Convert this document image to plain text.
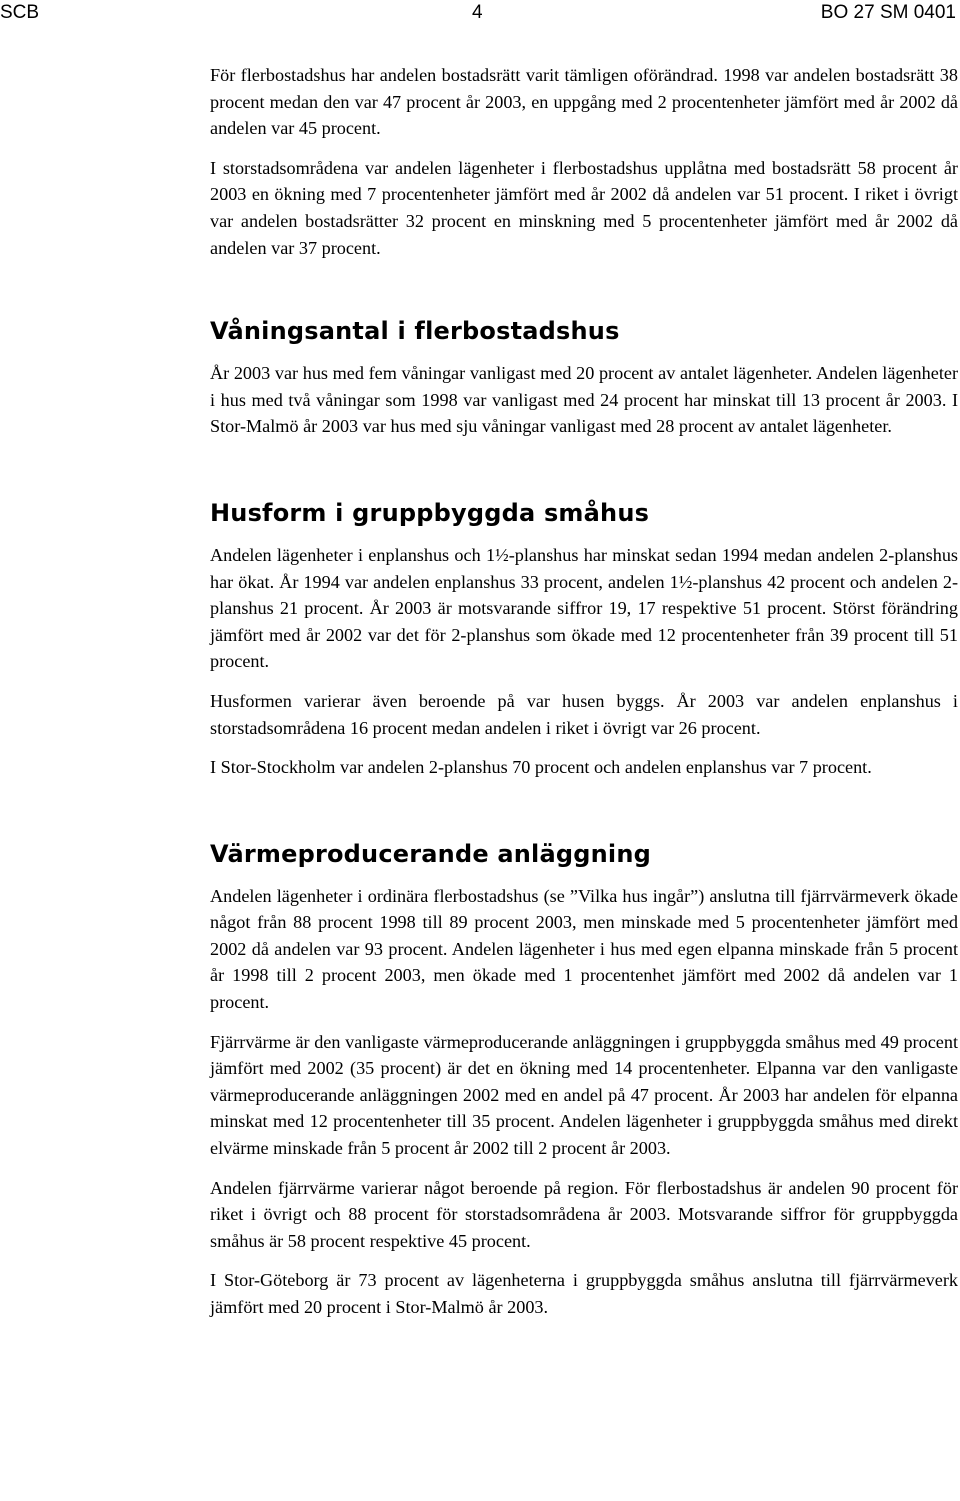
SCB	4	BO 27 SM 0401

För flerbostadshus har andelen bostadsrätt varit tämligen oförändrad. 1998 var andelen bostadsrätt 38 procent medan den var 47 procent år 2003, en uppgång med 2 procentenheter jämfört med år 2002 då andelen var 45 procent.

I storstadsområdena var andelen lägenheter i flerbostadshus upplåtna med bostadsrätt 58 procent år 2003 en ökning med 7 procentenheter jämfört med år 2002 då andelen var 51 procent. I riket i övrigt var andelen bostadsrätter 32 procent en minskning med 5 procentenheter jämfört med år 2002 då andelen var 37 procent.

Våningsantal i flerbostadshus

År 2003 var hus med fem våningar vanligast med 20 procent av antalet lägenheter. Andelen lägenheter i hus med två våningar som 1998 var vanligast med 24 procent har minskat till 13 procent år 2003. I Stor-Malmö år 2003 var hus med sju våningar vanligast med 28 procent av antalet lägenheter.

Husform i gruppbyggda småhus

Andelen lägenheter i enplanshus och 1½-planshus har minskat sedan 1994 medan andelen 2-planshus har ökat. År 1994 var andelen enplanshus 33 procent, andelen 1½-planshus 42 procent och andelen 2-planshus 21 procent. År 2003 är motsvarande siffror 19, 17 respektive 51 procent. Störst förändring jämfört med år 2002 var det för 2-planshus som ökade med 12 procentenheter från 39 procent till 51 procent.

Husformen varierar även beroende på var husen byggs. År 2003 var andelen enplanshus i storstadsområdena 16 procent medan andelen i riket i övrigt var 26 procent.

I Stor-Stockholm var andelen 2-planshus 70 procent och andelen enplanshus var 7 procent.

Värmeproducerande anläggning

Andelen lägenheter i ordinära flerbostadshus (se ”Vilka hus ingår”) anslutna till fjärrvärmeverk ökade något från 88 procent 1998 till 89 procent 2003, men minskade med 5 procentenheter jämfört med 2002 då andelen var 93 procent. Andelen lägenheter i hus med egen elpanna minskade från 5 procent år 1998 till 2 procent 2003, men ökade med 1 procentenhet jämfört med 2002 då andelen var 1 procent.

Fjärrvärme är den vanligaste värmeproducerande anläggningen i gruppbyggda småhus med 49 procent jämfört med 2002 (35 procent) är det en ökning med 14 procentenheter. Elpanna var den vanligaste värmeproducerande anläggningen 2002 med en andel på 47 procent. År 2003 har andelen för elpanna minskat med 12 procentenheter till 35 procent. Andelen lägenheter i gruppbyggda småhus med direkt elvärme minskade från 5 procent år 2002 till 2 procent år 2003.

Andelen fjärrvärme varierar något beroende på region. För flerbostadshus är andelen 90 procent för riket i övrigt och 88 procent för storstadsområdena år 2003. Motsvarande siffror för gruppbyggda småhus är 58 procent respektive 45 procent.

I Stor-Göteborg är 73 procent av lägenheterna i gruppbyggda småhus anslutna till fjärrvärmeverk jämfört med 20 procent i Stor-Malmö år 2003.
